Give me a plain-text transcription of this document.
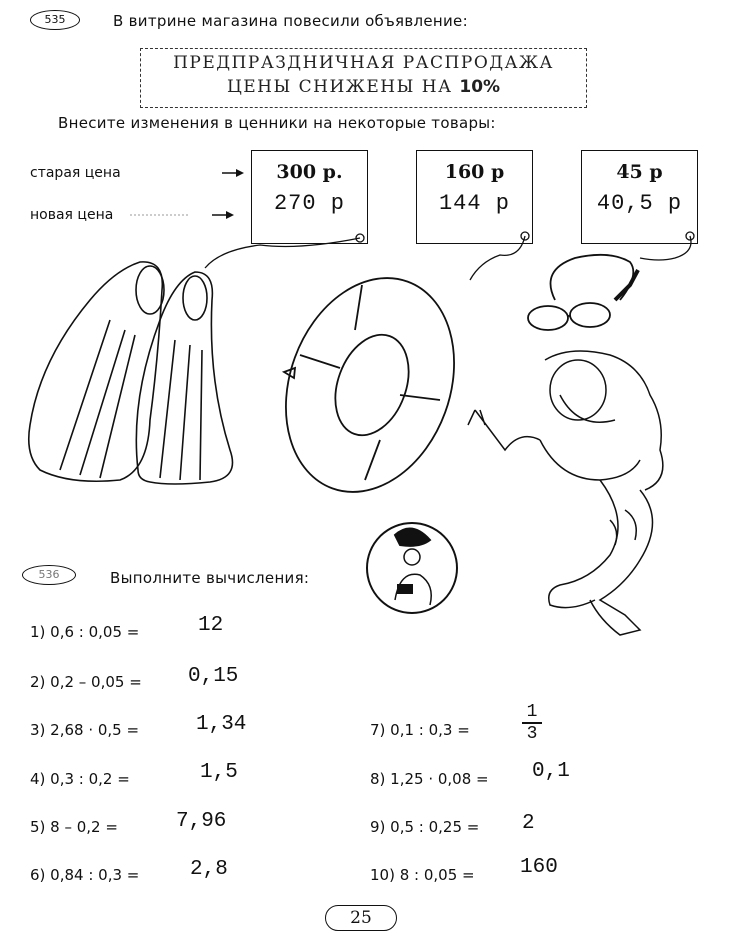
535	В витрине магазина повесили объявление:
ПРЕДПРАЗДНИЧНАЯ РАСПРОДАЖА
ЦЕНЫ СНИЖЕНЫ НА 10%
Внесите изменения в ценники на некоторые товары:
старая цена
новая цена
300 р.
270 р
160 р
144 р
45 р
40,5 р
536	Выполните вычисления:
1) 0,6 : 0,05 =	12
2) 0,2 – 0,05 = 0,15
3) 2,68 · 0,5 =	1,34
4) 0,3 : 0,2 =	1,5
5) 8 – 0,2 =	7,96
6) 0,84 : 0,3 = 2,8
7) 0,1 : 0,3 =
1
3
8) 1,25 · 0,08 = 0,1
9) 0,5 : 0,25 = 2
10) 8 : 0,05 = 160
25
